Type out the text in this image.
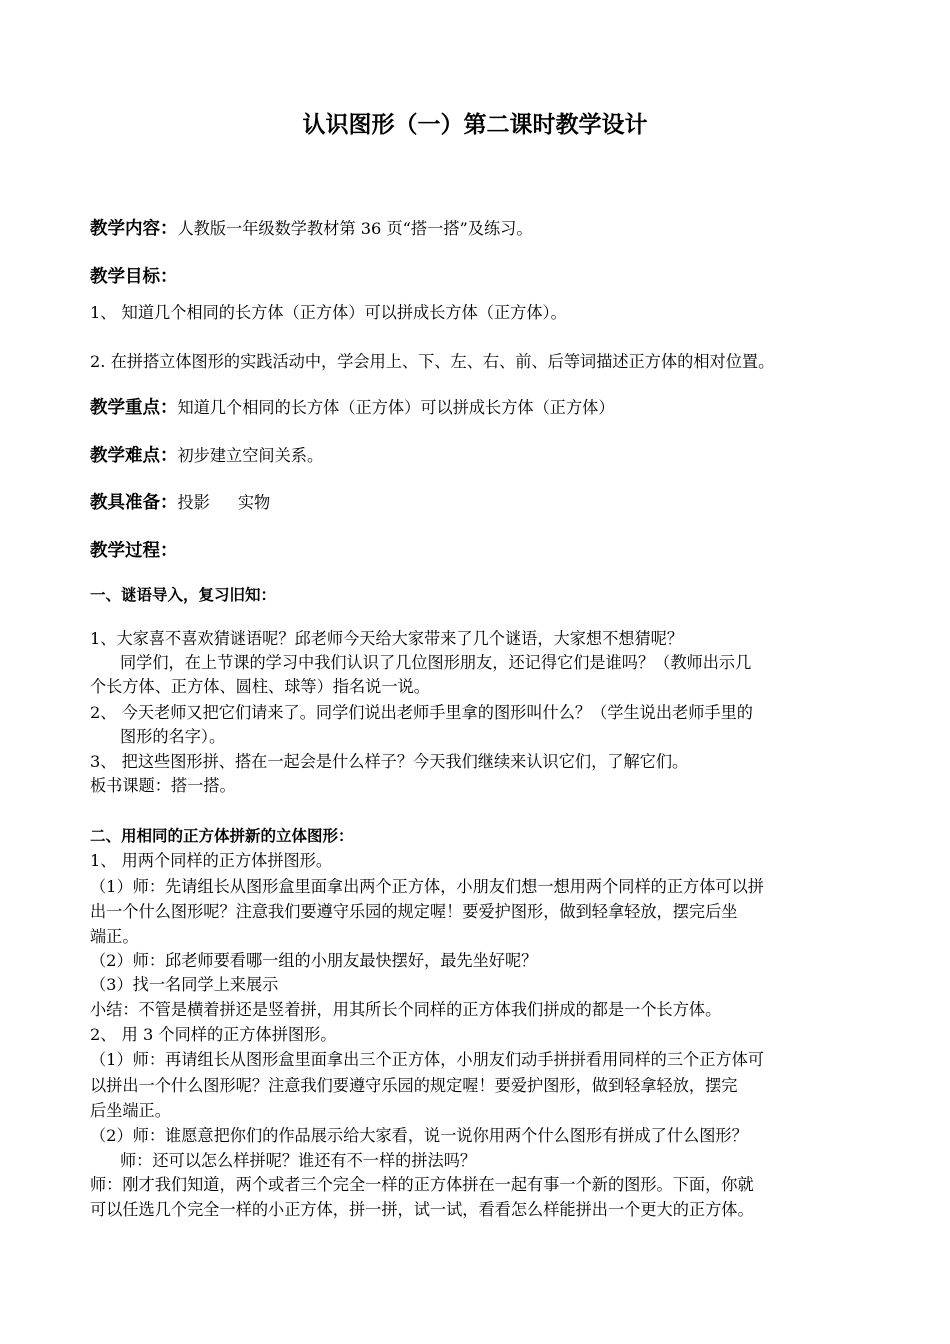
认识图形（一）第二课时教学设计
教学内容：人教版一年级数学教材第 36 页“搭一搭”及练习。
教学目标：
1、 知道几个相同的长方体（正方体）可以拼成长方体（正方体）。
2. 在拼搭立体图形的实践活动中，学会用上、下、左、右、前、后等词描述正方体的相对位置。
教学重点：知道几个相同的长方体（正方体）可以拼成长方体（正方体）
教学难点：初步建立空间关系。
教具准备：投影 实物
教学过程：
一、谜语导入，复习旧知：
1、大家喜不喜欢猜谜语呢？邱老师今天给大家带来了几个谜语，大家想不想猜呢？
同学们，在上节课的学习中我们认识了几位图形朋友，还记得它们是谁吗？（教师出示几
个长方体、正方体、圆柱、球等）指名说一说。
2、 今天老师又把它们请来了。同学们说出老师手里拿的图形叫什么？（学生说出老师手里的
图形的名字）。
3、 把这些图形拼、搭在一起会是什么样子？今天我们继续来认识它们，了解它们。
板书课题：搭一搭。
二、用相同的正方体拼新的立体图形：
1、 用两个同样的正方体拼图形。
（1）师：先请组长从图形盒里面拿出两个正方体，小朋友们想一想用两个同样的正方体可以拼
出一个什么图形呢？注意我们要遵守乐园的规定喔！要爱护图形，做到轻拿轻放，摆完后坐
端正。
（2）师：邱老师要看哪一组的小朋友最快摆好，最先坐好呢？
（3）找一名同学上来展示
小结：不管是横着拼还是竖着拼，用其所长个同样的正方体我们拼成的都是一个长方体。
2、 用 3 个同样的正方体拼图形。
（1）师：再请组长从图形盒里面拿出三个正方体，小朋友们动手拼拼看用同样的三个正方体可
以拼出一个什么图形呢？注意我们要遵守乐园的规定喔！要爱护图形，做到轻拿轻放，摆完
后坐端正。
（2）师：谁愿意把你们的作品展示给大家看，说一说你用两个什么图形有拼成了什么图形？
师：还可以怎么样拼呢？谁还有不一样的拼法吗？
师：刚才我们知道，两个或者三个完全一样的正方体拼在一起有事一个新的图形。下面，你就
可以任选几个完全一样的小正方体，拼一拼，试一试，看看怎么样能拼出一个更大的正方体。
